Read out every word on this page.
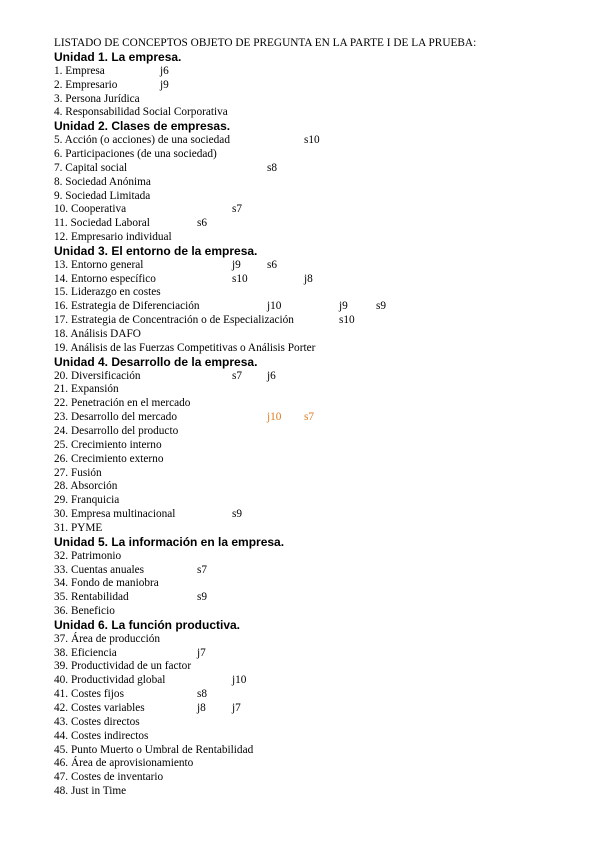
LISTADO DE CONCEPTOS OBJETO DE PREGUNTA EN LA PARTE I DE LA PRUEBA:
Unidad 1. La empresa.
1. Empresa	j6
2. Empresario	j9
3. Persona Jurídica
4. Responsabilidad Social Corporativa
Unidad 2. Clases de empresas.
5. Acción (o acciones) de una sociedad	s10
6. Participaciones (de una sociedad)
7. Capital social	s8
8. Sociedad Anónima
9. Sociedad Limitada
10. Cooperativa	s7
11. Sociedad Laboral	s6
12. Empresario individual
Unidad 3. El entorno de la empresa.
13. Entorno general	j9 s6
14. Entorno específico	s10	j8
15. Liderazgo en costes
16. Estrategia de Diferenciación	j10	j9 s9
17. Estrategia de Concentración o de Especialización	s10
18. Análisis DAFO
19. Análisis de las Fuerzas Competitivas o Análisis Porter
Unidad 4. Desarrollo de la empresa.
20. Diversificación	s7 j6
21. Expansión
22. Penetración en el mercado
23. Desarrollo del mercado	j10 s7
24. Desarrollo del producto
25. Crecimiento interno
26. Crecimiento externo
27. Fusión
28. Absorción
29. Franquicia
30. Empresa multinacional	s9
31. PYME
Unidad 5. La información en la empresa.
32. Patrimonio
33. Cuentas anuales	s7
34. Fondo de maniobra
35. Rentabilidad	s9
36. Beneficio
Unidad 6. La función productiva.
37. Área de producción
38. Eficiencia	j7
39. Productividad de un factor
40. Productividad global	j10
41. Costes fijos	s8
42. Costes variables	j8 j7
43. Costes directos
44. Costes indirectos
45. Punto Muerto o Umbral de Rentabilidad
46. Área de aprovisionamiento
47. Costes de inventario
48. Just in Time
